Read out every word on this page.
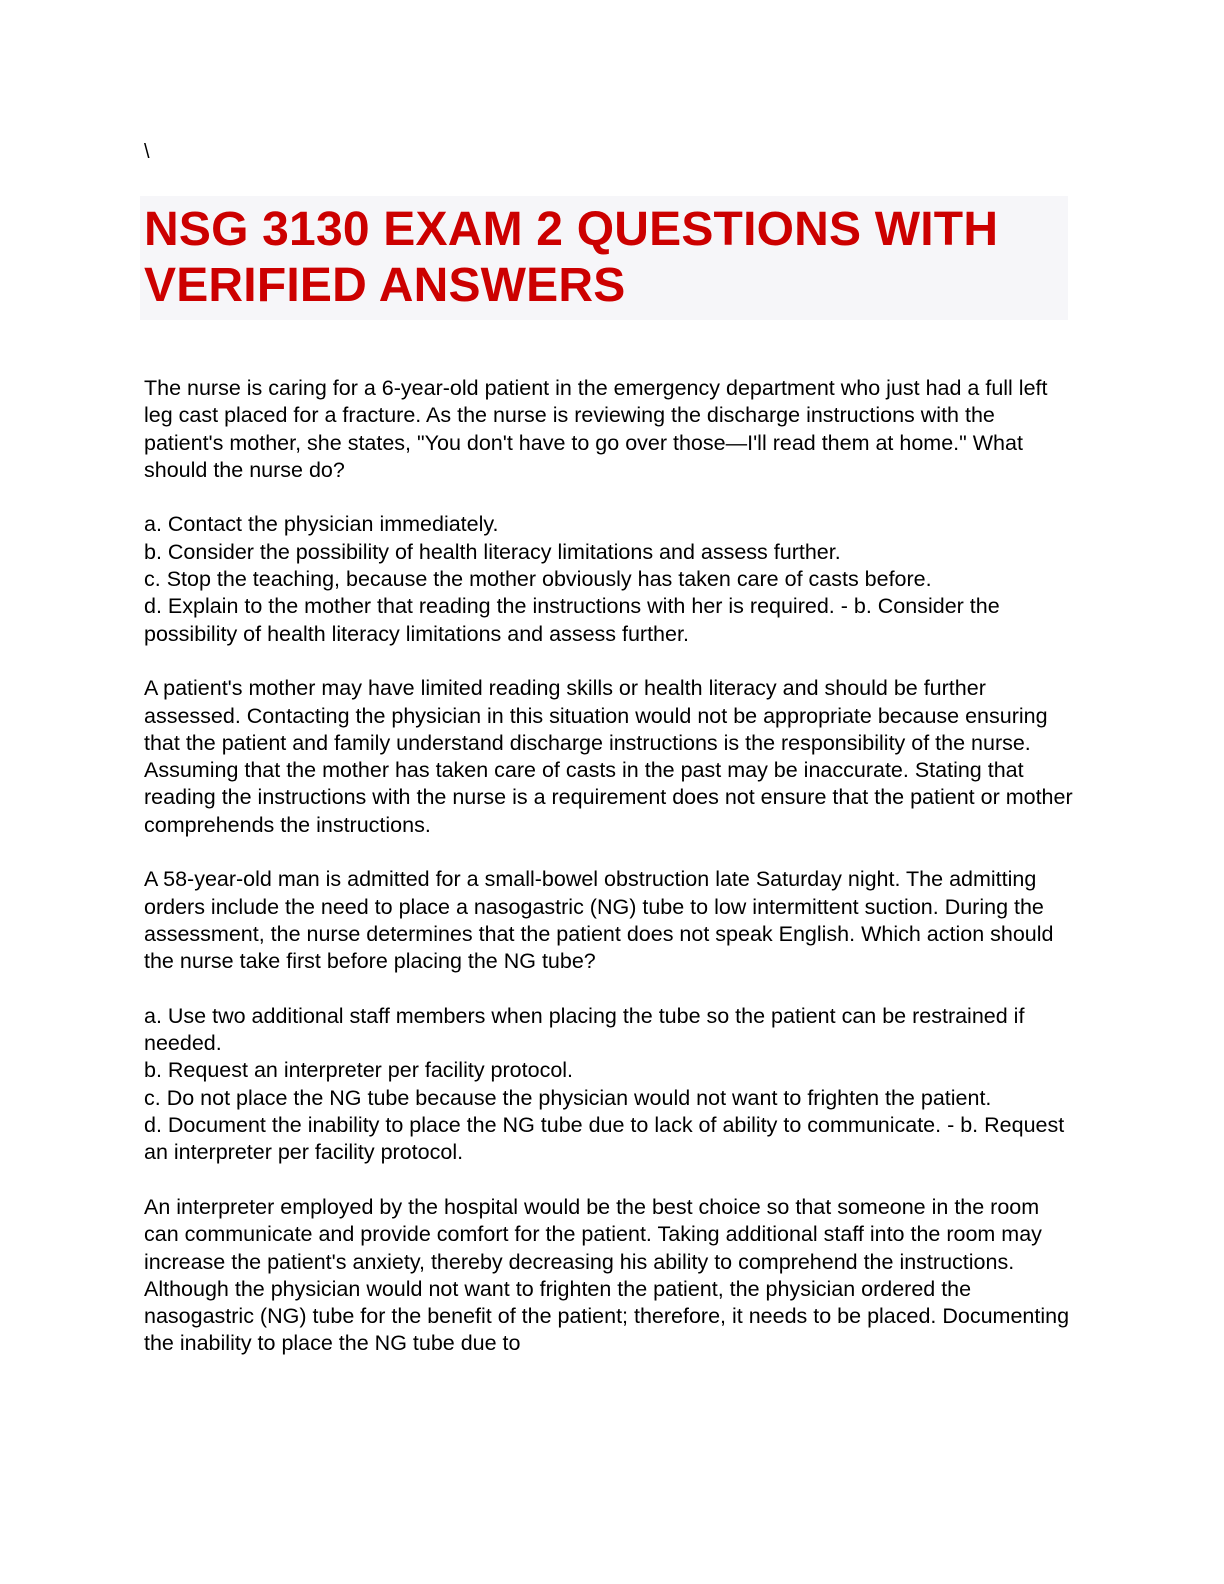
\
NSG 3130 EXAM 2 QUESTIONS WITH VERIFIED ANSWERS

The nurse is caring for a 6-year-old patient in the emergency department who just had a full left leg cast placed for a fracture. As the nurse is reviewing the discharge instructions with the patient's mother, she states, "You don't have to go over those—I'll read them at home." What should the nurse do?

a. Contact the physician immediately.
b. Consider the possibility of health literacy limitations and assess further.
c. Stop the teaching, because the mother obviously has taken care of casts before.
d. Explain to the mother that reading the instructions with her is required. - b. Consider the possibility of health literacy limitations and assess further.

A patient's mother may have limited reading skills or health literacy and should be further assessed. Contacting the physician in this situation would not be appropriate because ensuring that the patient and family understand discharge instructions is the responsibility of the nurse. Assuming that the mother has taken care of casts in the past may be inaccurate. Stating that reading the instructions with the nurse is a requirement does not ensure that the patient or mother comprehends the instructions.

A 58-year-old man is admitted for a small-bowel obstruction late Saturday night. The admitting orders include the need to place a nasogastric (NG) tube to low intermittent suction. During the assessment, the nurse determines that the patient does not speak English. Which action should the nurse take first before placing the NG tube?

a. Use two additional staff members when placing the tube so the patient can be restrained if needed.
b. Request an interpreter per facility protocol.
c. Do not place the NG tube because the physician would not want to frighten the patient.
d. Document the inability to place the NG tube due to lack of ability to communicate. - b. Request an interpreter per facility protocol.

An interpreter employed by the hospital would be the best choice so that someone in the room can communicate and provide comfort for the patient. Taking additional staff into the room may increase the patient's anxiety, thereby decreasing his ability to comprehend the instructions. Although the physician would not want to frighten the patient, the physician ordered the nasogastric (NG) tube for the benefit of the patient; therefore, it needs to be placed. Documenting the inability to place the NG tube due to
